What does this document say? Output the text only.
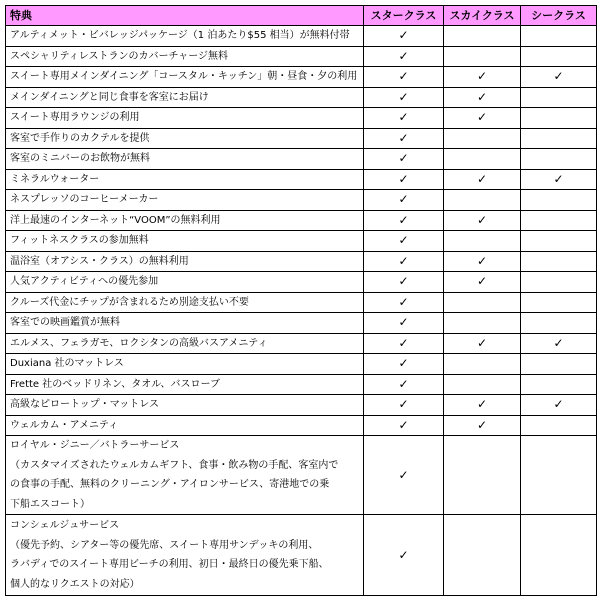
特典	スタークラス	スカイクラス	シークラス

アルティメット・ビバレッジパッケージ（1 泊あたり$55 相当）が無料付帯	✓		

スペシャリティレストランのカバーチャージ無料	✓		

スイート専用メインダイニング「コースタル・キッチン」朝・昼食・夕の利用	✓	✓	✓

メインダイニングと同じ食事を客室にお届け	✓	✓	

スイート専用ラウンジの利用	✓	✓	

客室で手作りのカクテルを提供	✓		

客室のミニバーのお飲物が無料	✓		

ミネラルウォーター	✓	✓	✓

ネスプレッソのコーヒーメーカー	✓		

洋上最速のインターネット“VOOM”の無料利用	✓	✓	

フィットネスクラスの参加無料	✓		

温浴室（オアシス・クラス）の無料利用	✓	✓	

人気アクティビティへの優先参加	✓	✓	

クルーズ代金にチップが含まれるため別途支払い不要	✓		

客室での映画鑑賞が無料	✓		

エルメス、フェラガモ、ロクシタンの高級バスアメニティ	✓	✓	✓

Duxiana 社のマットレス	✓		

Frette 社のベッドリネン、タオル、バスローブ	✓		

高級なピロートップ・マットレス	✓	✓	✓

ウェルカム・アメニティ	✓	✓	

ロイヤル・ジニー／バトラーサービス
（カスタマイズされたウェルカムギフト、食事・飲み物の手配、客室内で
の食事の手配、無料のクリーニング・アイロンサービス、寄港地での乗
下船エスコート）	✓		

コンシェルジュサービス
（優先予約、シアター等の優先席、スイート専用サンデッキの利用、
ラバディでのスイート専用ビーチの利用、初日・最終日の優先乗下船、
個人的なリクエストの対応）	✓		
